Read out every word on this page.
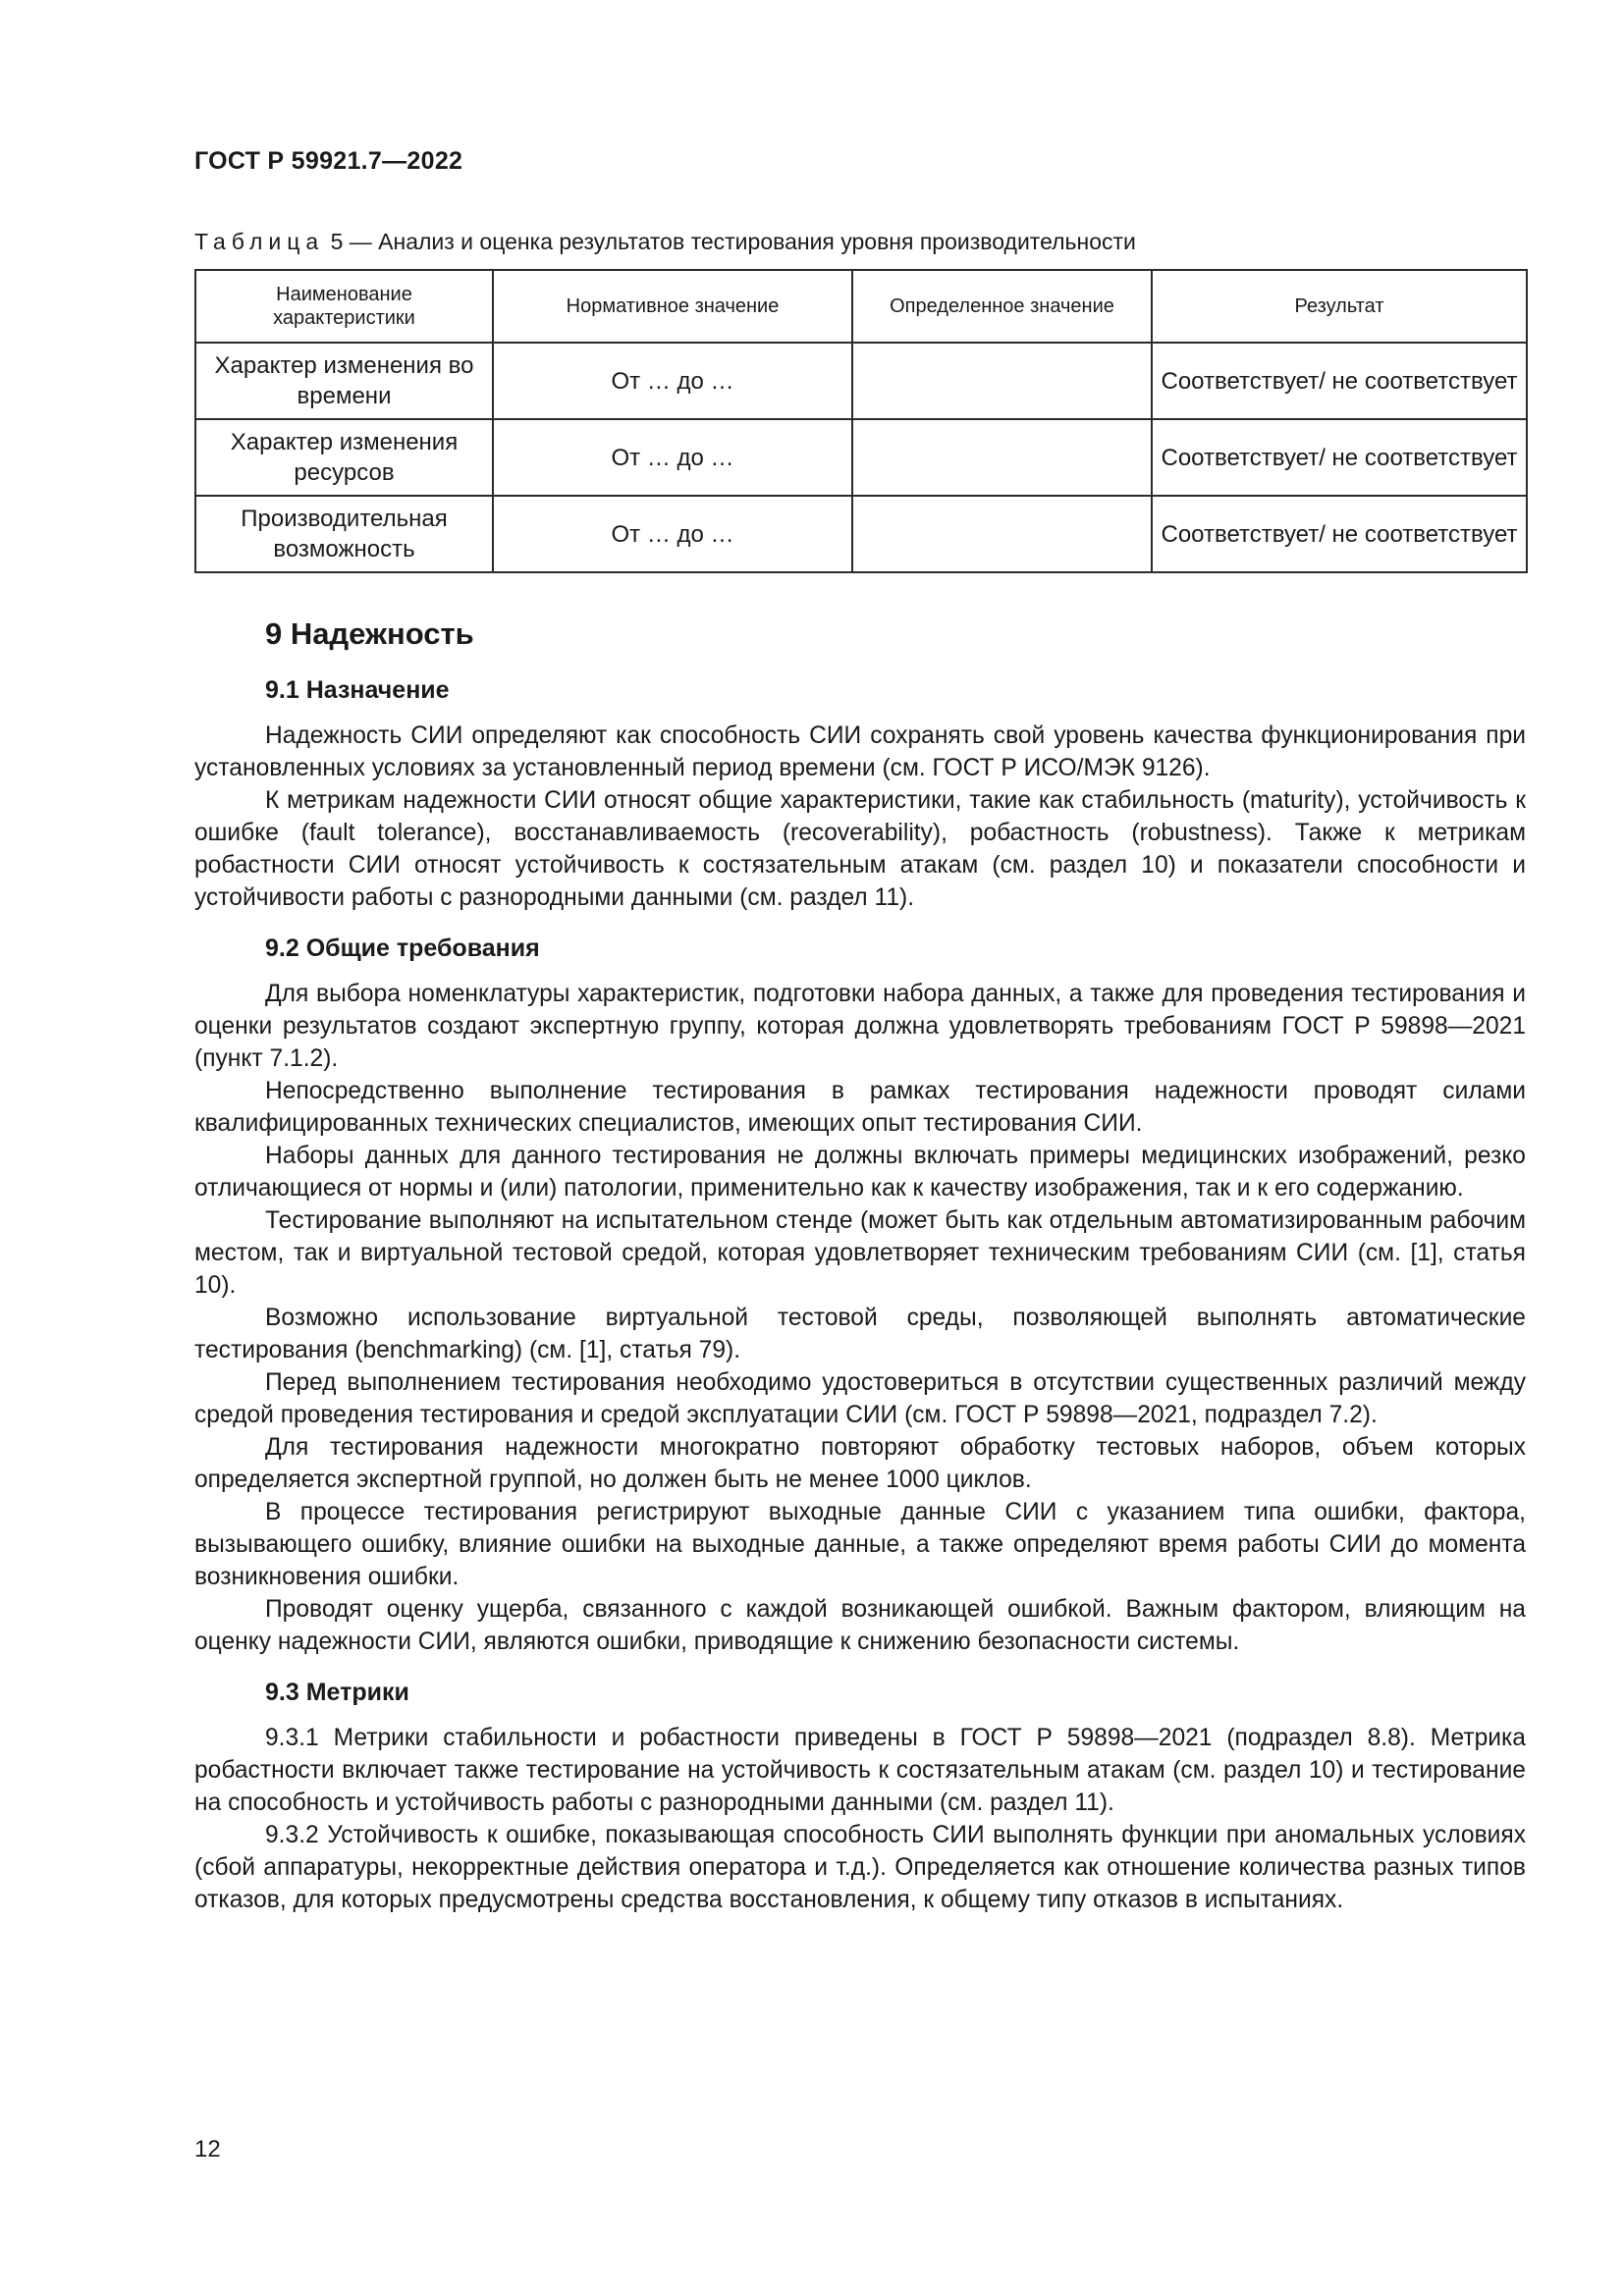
ГОСТ Р 59921.7—2022
Таблица 5 — Анализ и оценка результатов тестирования уровня производительности
Наименование характеристики	Нормативное значение	Определенное значение	Результат
Характер изменения во времени	От … до …		Соответствует/ не соответствует
Характер изменения ресурсов	От … до …		Соответствует/ не соответствует
Производительная возможность	От … до …		Соответствует/ не соответствует
9 Надежность
9.1 Назначение

Надежность СИИ определяют как способность СИИ сохранять свой уровень качества функционирования при установленных условиях за установленный период времени (см. ГОСТ Р ИСО/МЭК 9126).

К метрикам надежности СИИ относят общие характеристики, такие как стабильность (maturity), устойчивость к ошибке (fault tolerance), восстанавливаемость (recoverability), робастность (robustness). Также к метрикам робастности СИИ относят устойчивость к состязательным атакам (см. раздел 10) и показатели способности и устойчивости работы с разнородными данными (см. раздел 11).

9.2 Общие требования

Для выбора номенклатуры характеристик, подготовки набора данных, а также для проведения тестирования и оценки результатов создают экспертную группу, которая должна удовлетворять требованиям ГОСТ Р 59898—2021 (пункт 7.1.2).

Непосредственно выполнение тестирования в рамках тестирования надежности проводят силами квалифицированных технических специалистов, имеющих опыт тестирования СИИ.

Наборы данных для данного тестирования не должны включать примеры медицинских изображений, резко отличающиеся от нормы и (или) патологии, применительно как к качеству изображения, так и к его содержанию.

Тестирование выполняют на испытательном стенде (может быть как отдельным автоматизированным рабочим местом, так и виртуальной тестовой средой, которая удовлетворяет техническим требованиям СИИ (см. [1], статья 10).

Возможно использование виртуальной тестовой среды, позволяющей выполнять автоматические тестирования (benchmarking) (см. [1], статья 79).

Перед выполнением тестирования необходимо удостовериться в отсутствии существенных различий между средой проведения тестирования и средой эксплуатации СИИ (см. ГОСТ Р 59898—2021, подраздел 7.2).

Для тестирования надежности многократно повторяют обработку тестовых наборов, объем которых определяется экспертной группой, но должен быть не менее 1000 циклов.

В процессе тестирования регистрируют выходные данные СИИ с указанием типа ошибки, фактора, вызывающего ошибку, влияние ошибки на выходные данные, а также определяют время работы СИИ до момента возникновения ошибки.

Проводят оценку ущерба, связанного с каждой возникающей ошибкой. Важным фактором, влияющим на оценку надежности СИИ, являются ошибки, приводящие к снижению безопасности системы.

9.3 Метрики

9.3.1 Метрики стабильности и робастности приведены в ГОСТ Р 59898—2021 (подраздел 8.8). Метрика робастности включает также тестирование на устойчивость к состязательным атакам (см. раздел 10) и тестирование на способность и устойчивость работы с разнородными данными (см. раздел 11).

9.3.2 Устойчивость к ошибке, показывающая способность СИИ выполнять функции при аномальных условиях (сбой аппаратуры, некорректные действия оператора и т.д.). Определяется как отношение количества разных типов отказов, для которых предусмотрены средства восстановления, к общему типу отказов в испытаниях.

12
